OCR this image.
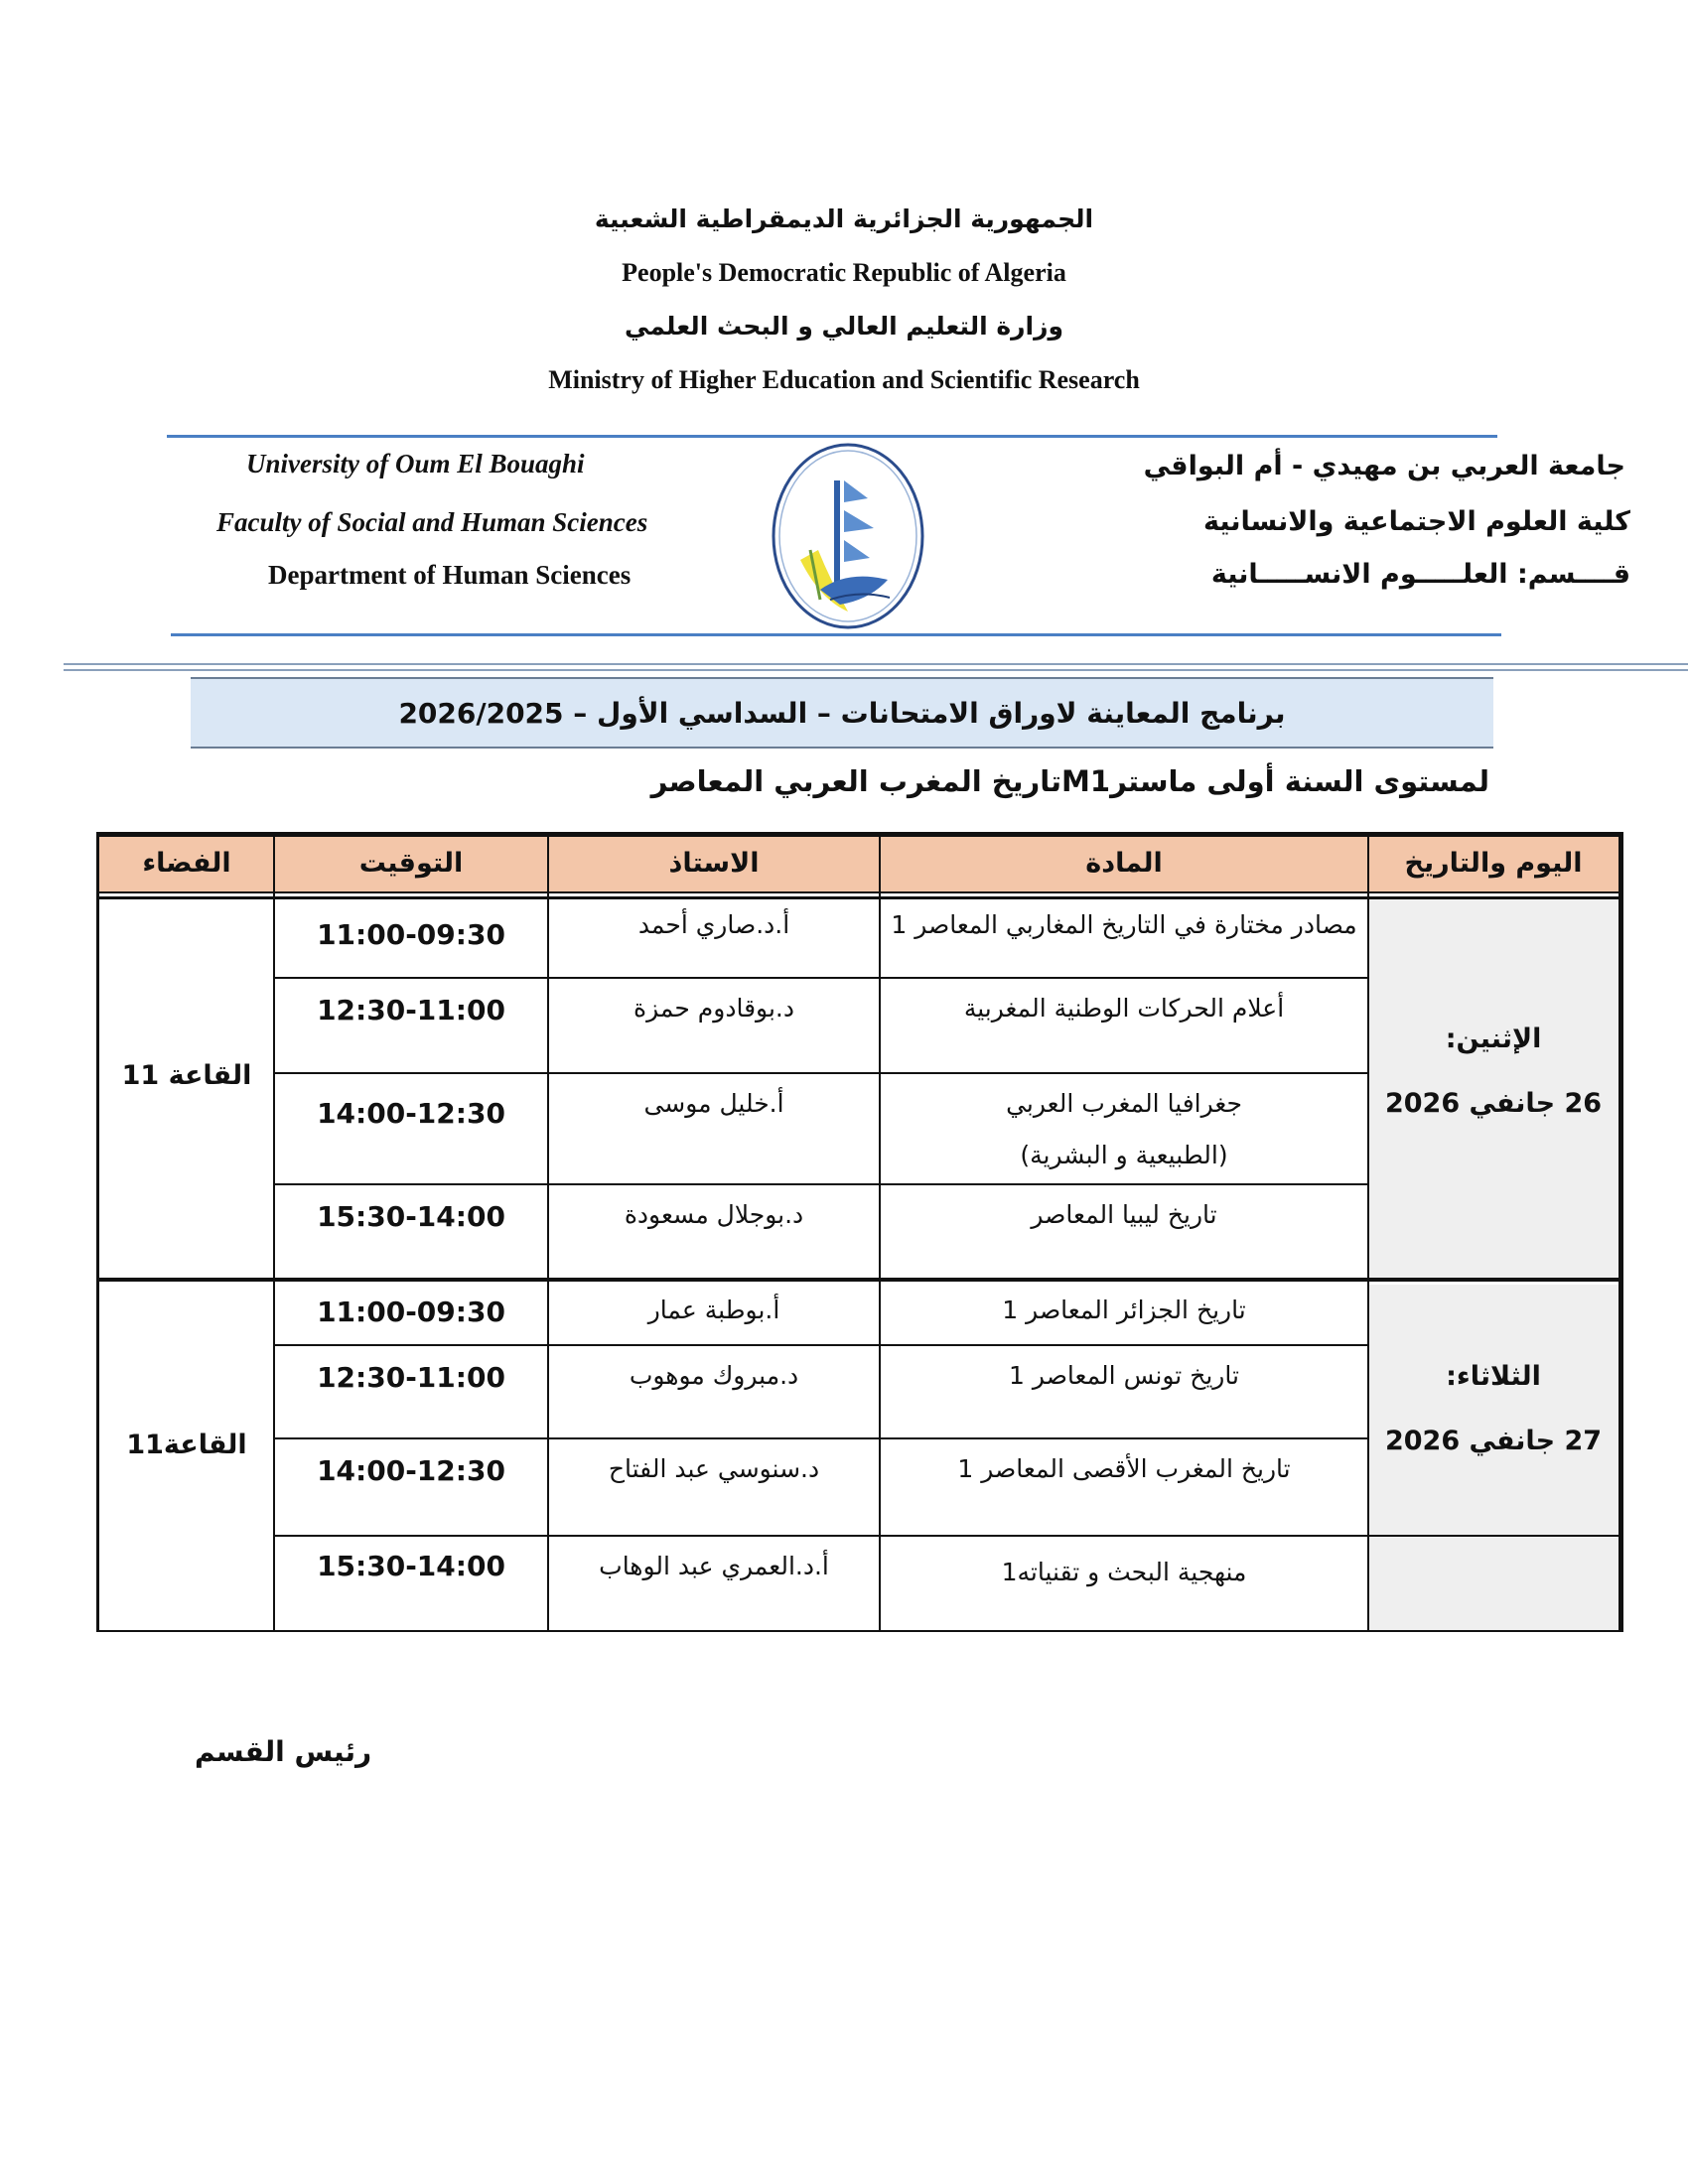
الجمهورية الجزائرية الديمقراطية الشعبية
People's Democratic Republic of Algeria
وزارة التعليم العالي و البحث العلمي
Ministry of Higher Education and Scientific Research
University of Oum El Bouaghi
Faculty of Social and Human Sciences
Department of Human Sciences
جامعة العربي بن مهيدي - أم البواقي
كلية العلوم الاجتماعية والانسانية
قــــسم: العلـــــوم الانســـــانية
برنامج المعاينة لاوراق الامتحانات – السداسي الأول – 2026/2025
لمستوى السنة أولى ماسترM1تاريخ المغرب العربي المعاصر
اليوم والتاريخ
المادة
الاستاذ
التوقيت
الفضاء
الإثنين:
26 جانفي 2026
القاعة 11
مصادر مختارة في التاريخ المغاربي المعاصر 1
أ.د.صاري أحمد
11:00-09:30
أعلام الحركات الوطنية المغربية
د.بوقادوم حمزة
12:30-11:00
جغرافيا المغرب العربي
(الطبيعية و البشرية)
أ.خليل موسى
14:00-12:30
تاريخ ليبيا المعاصر
د.بوجلال مسعودة
15:30-14:00
الثلاثاء:
27 جانفي 2026
القاعة11
تاريخ الجزائر المعاصر 1
أ.بوطبة عمار
11:00-09:30
تاريخ تونس المعاصر 1
د.مبروك موهوب
12:30-11:00
تاريخ المغرب الأقصى المعاصر 1
د.سنوسي عبد الفتاح
14:00-12:30
منهجية البحث و تقنياته1
أ.د.العمري عبد الوهاب
15:30-14:00
رئيس القسم
